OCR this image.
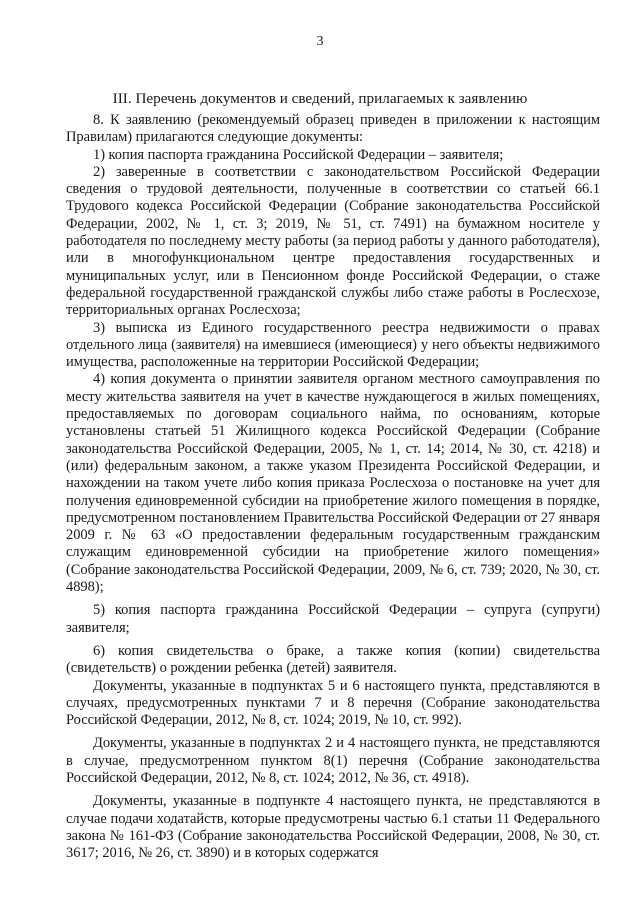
3
III. Перечень документов и сведений, прилагаемых к заявлению

8. К заявлению (рекомендуемый образец приведен в приложении к настоящим Правилам) прилагаются следующие документы:

1) копия паспорта гражданина Российской Федерации – заявителя;

2) заверенные в соответствии с законодательством Российской Федерации сведения о трудовой деятельности, полученные в соответствии со статьей 66.1 Трудового кодекса Российской Федерации (Собрание законодательства Российской Федерации, 2002, № 1, ст. 3; 2019, № 51, ст. 7491) на бумажном носителе у работодателя по последнему месту работы (за период работы у данного работодателя), или в многофункциональном центре предоставления государственных и муниципальных услуг, или в Пенсионном фонде Российской Федерации, о стаже федеральной государственной гражданской службы либо стаже работы в Рослесхозе, территориальных органах Рослесхоза;

3) выписка из Единого государственного реестра недвижимости о правах отдельного лица (заявителя) на имевшиеся (имеющиеся) у него объекты недвижимого имущества, расположенные на территории Российской Федерации;

4) копия документа о принятии заявителя органом местного самоуправления по месту жительства заявителя на учет в качестве нуждающегося в жилых помещениях, предоставляемых по договорам социального найма, по основаниям, которые установлены статьей 51 Жилищного кодекса Российской Федерации (Собрание законодательства Российской Федерации, 2005, № 1, ст. 14; 2014, № 30, ст. 4218) и (или) федеральным законом, а также указом Президента Российской Федерации, и нахождении на таком учете либо копия приказа Рослесхоза о постановке на учет для получения единовременной субсидии на приобретение жилого помещения в порядке, предусмотренном постановлением Правительства Российской Федерации от 27 января 2009 г. № 63 «О предоставлении федеральным государственным гражданским служащим единовременной субсидии на приобретение жилого помещения» (Собрание законодательства Российской Федерации, 2009, № 6, ст. 739; 2020, № 30, ст. 4898);

5) копия паспорта гражданина Российской Федерации – супруга (супруги) заявителя;

6) копия свидетельства о браке, а также копия (копии) свидетельства (свидетельств) о рождении ребенка (детей) заявителя.

Документы, указанные в подпунктах 5 и 6 настоящего пункта, представляются в случаях, предусмотренных пунктами 7 и 8 перечня (Собрание законодательства Российской Федерации, 2012, № 8, ст. 1024; 2019, № 10, ст. 992).

Документы, указанные в подпунктах 2 и 4 настоящего пункта, не представляются в случае, предусмотренном пунктом 8(1) перечня (Собрание законодательства Российской Федерации, 2012, № 8, ст. 1024; 2012, № 36, ст. 4918).

Документы, указанные в подпункте 4 настоящего пункта, не представляются в случае подачи ходатайств, которые предусмотрены частью 6.1 статьи 11 Федерального закона № 161-ФЗ (Собрание законодательства Российской Федерации, 2008, № 30, ст. 3617; 2016, № 26, ст. 3890) и в которых содержатся
